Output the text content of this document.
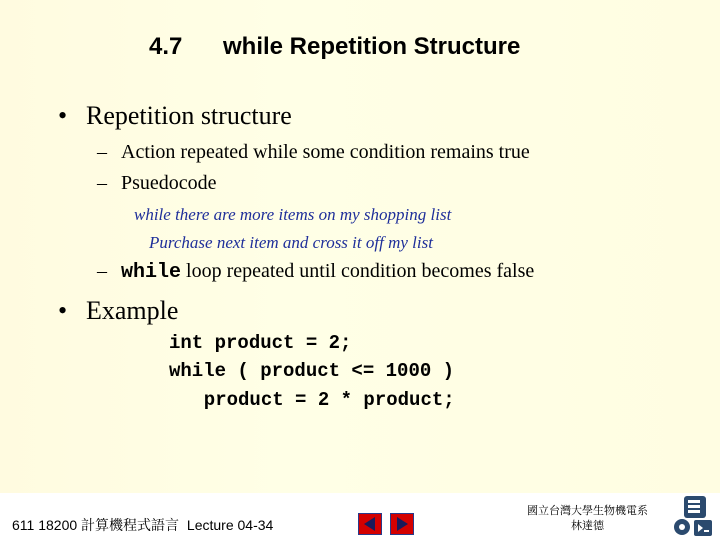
4.7 while Repetition Structure
• Repetition structure
– Action repeated while some condition remains true
– Psuedocode
while there are more items on my shopping list
Purchase next item and cross it off my list
– while loop repeated until condition becomes false
• Example
int product = 2;
while ( product <= 1000 )
product = 2 * product;
611 18200 計算機程式語言 Lecture 04-34
國立台灣大學生物機電系
林達德
